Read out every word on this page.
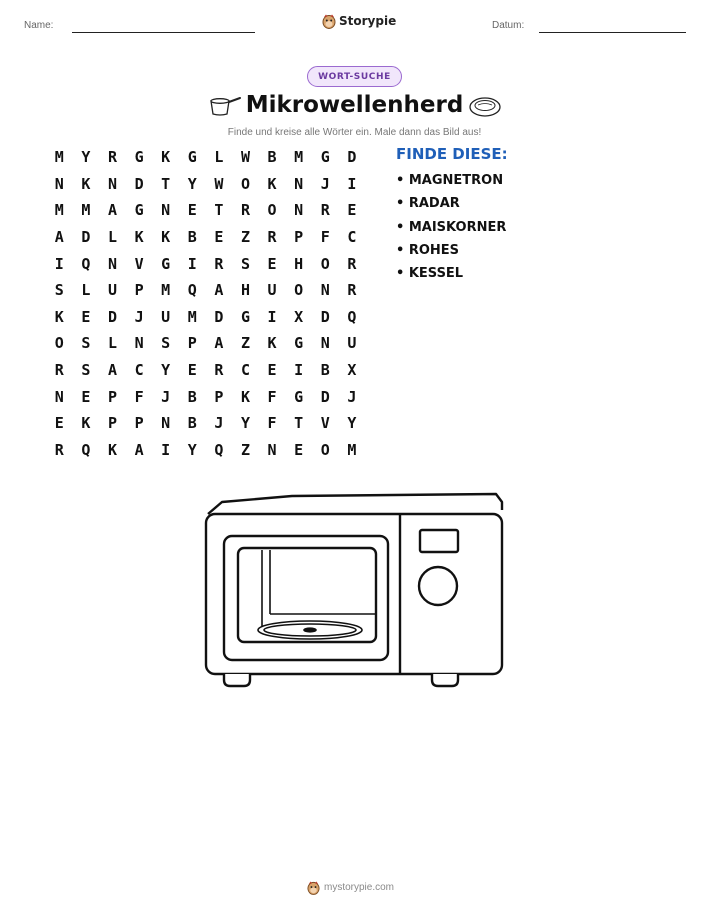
Name:	Storypie	Datum:
WORT-SUCHE
Mikrowellenherd
Finde und kreise alle Wörter ein. Male dann das Bild aus!
M	Y	R	G	K	G	L	W	B	M	G	D
N	K	N	D	T	Y	W	O	K	N	J	I
M	M	A	G	N	E	T	R	O	N	R	E
A	D	L	K	K	B	E	Z	R	P	F	C
I	Q	N	V	G	I	R	S	E	H	O	R
S	L	U	P	M	Q	A	H	U	O	N	R
K	E	D	J	U	M	D	G	I	X	D	Q
O	S	L	N	S	P	A	Z	K	G	N	U
R	S	A	C	Y	E	R	C	E	I	B	X
N	E	P	F	J	B	P	K	F	G	D	J
E	K	P	P	N	B	J	Y	F	T	V	Y
R	Q	K	A	I	Y	Q	Z	N	E	O	M
FINDE DIESE:
• MAGNETRON
• RADAR
• MAISKORNER
• ROHES
• KESSEL
mystorypie.com
